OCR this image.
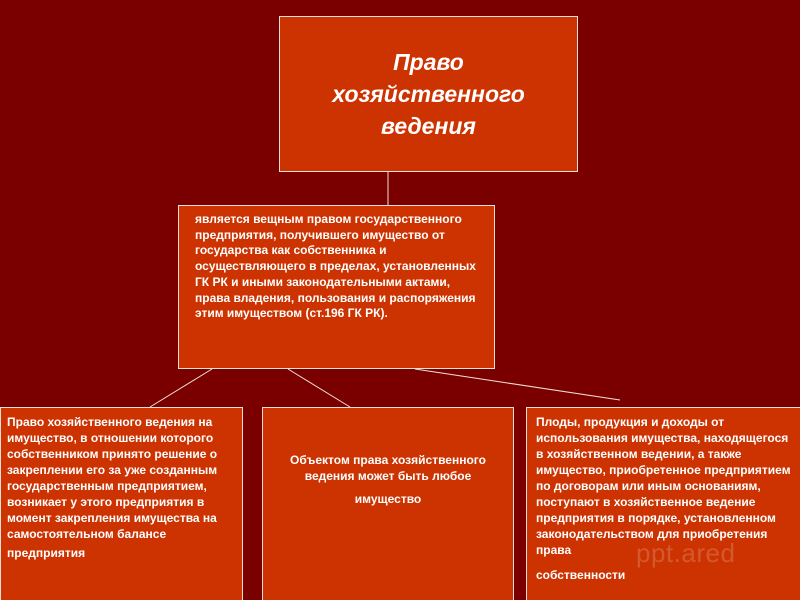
Право хозяйственного ведения

является вещным правом государственного предприятия, получившего имущество от государства как собственника и осуществляющего в пределах, установленных ГК РК и иными законодательными актами, права владения, пользования и распоряжения этим имуществом (ст.196 ГК РК).

Право хозяйственного ведения на имущество, в отношении которого собственником принято решение о закреплении его за уже созданным государственным предприятием, возникает у этого предприятия в момент закрепления имущества на самостоятельном балансе

предприятия

Объектом права хозяйственного ведения может быть любое

имущество

Плоды, продукция и доходы от использования имущества, находящегося в хозяйственном ведении, а также имущество, приобретенное предприятием по договорам или иным основаниям, поступают в хозяйственное ведение предприятия в порядке, установленном законодательством для приобретения права

собственности

ppt.ared
